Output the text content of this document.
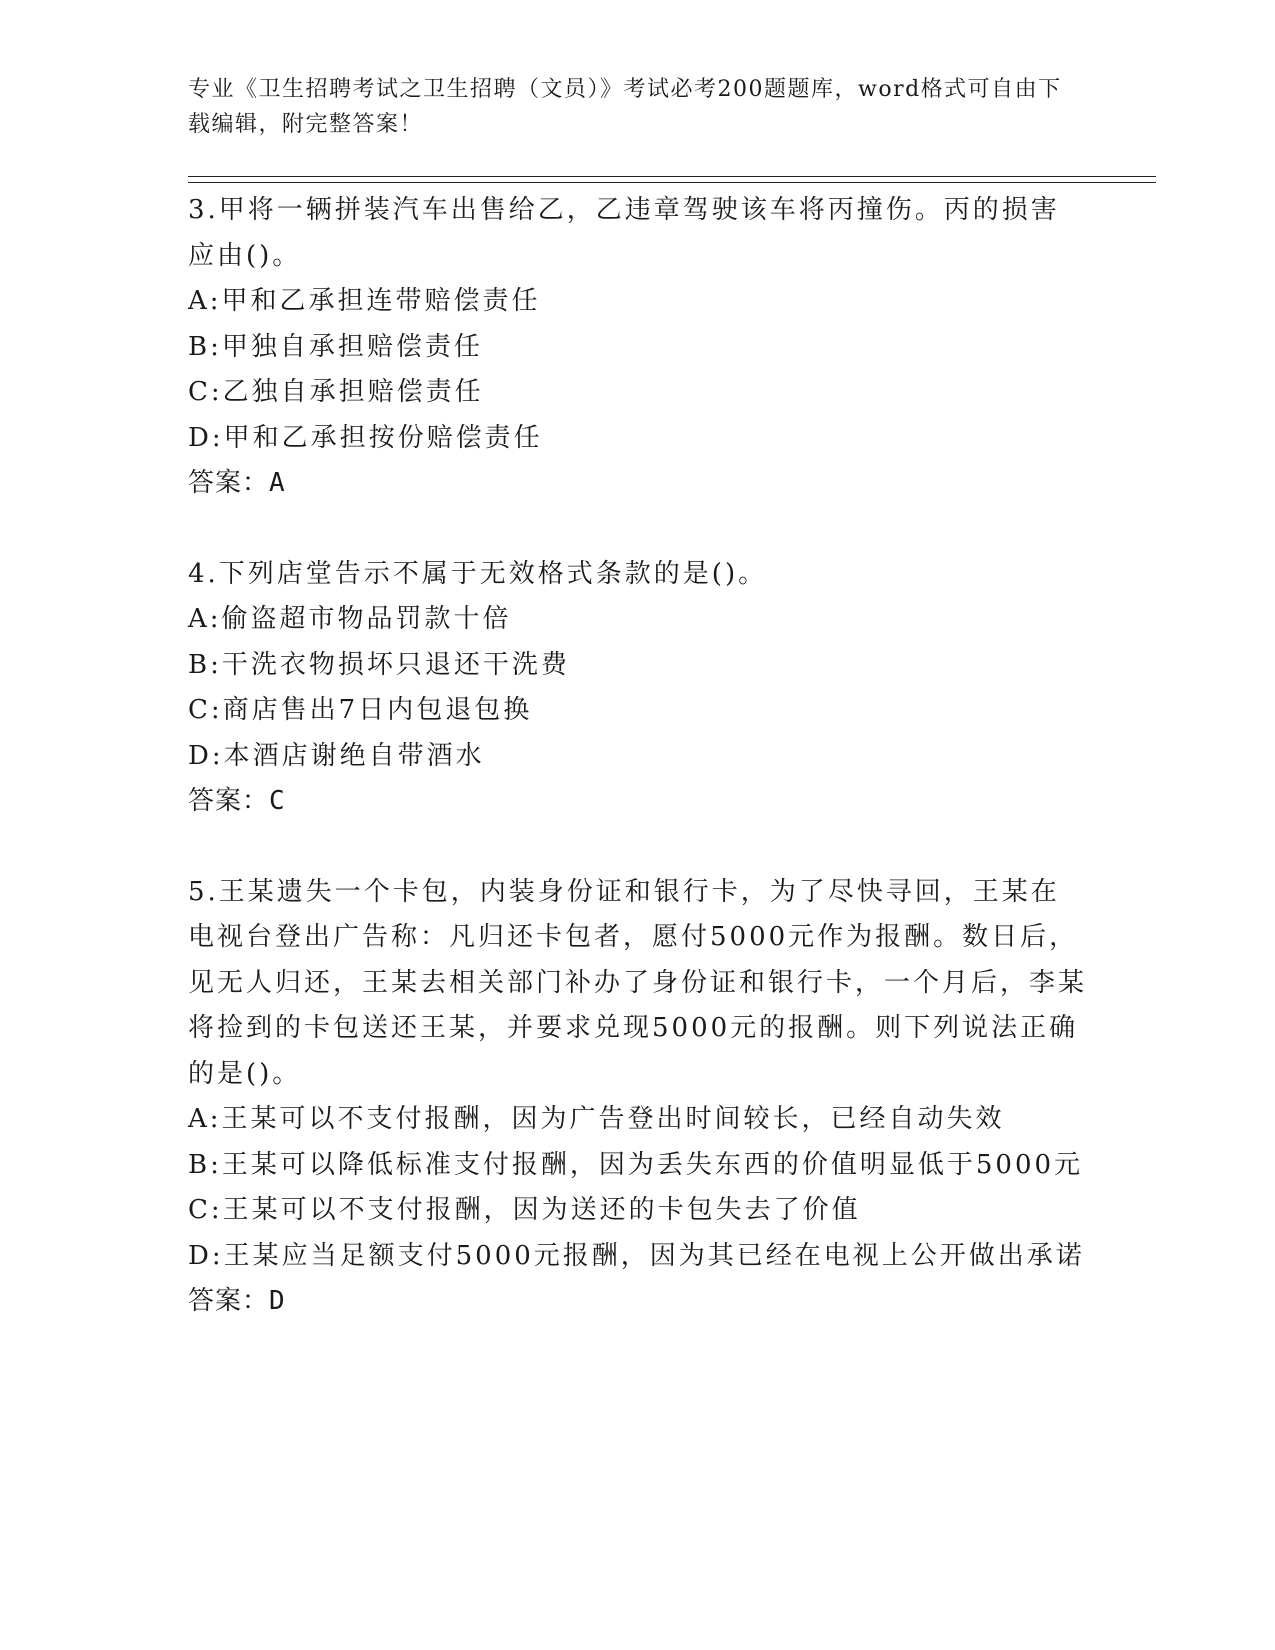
专业《卫生招聘考试之卫生招聘（文员）》考试必考200题题库，word格式可自由下载编辑，附完整答案！

3.甲将一辆拼装汽车出售给乙，乙违章驾驶该车将丙撞伤。丙的损害应由()。

A:甲和乙承担连带赔偿责任

B:甲独自承担赔偿责任

C:乙独自承担赔偿责任

D:甲和乙承担按份赔偿责任

答案：A

4.下列店堂告示不属于无效格式条款的是()。

A:偷盗超市物品罚款十倍

B:干洗衣物损坏只退还干洗费

C:商店售出7日内包退包换

D:本酒店谢绝自带酒水

答案：C

5.王某遗失一个卡包，内装身份证和银行卡，为了尽快寻回，王某在电视台登出广告称：凡归还卡包者，愿付5000元作为报酬。数日后，见无人归还，王某去相关部门补办了身份证和银行卡，一个月后，李某将捡到的卡包送还王某，并要求兑现5000元的报酬。则下列说法正确的是()。

A:王某可以不支付报酬，因为广告登出时间较长，已经自动失效

B:王某可以降低标准支付报酬，因为丢失东西的价值明显低于5000元

C:王某可以不支付报酬，因为送还的卡包失去了价值

D:王某应当足额支付5000元报酬，因为其已经在电视上公开做出承诺

答案：D
